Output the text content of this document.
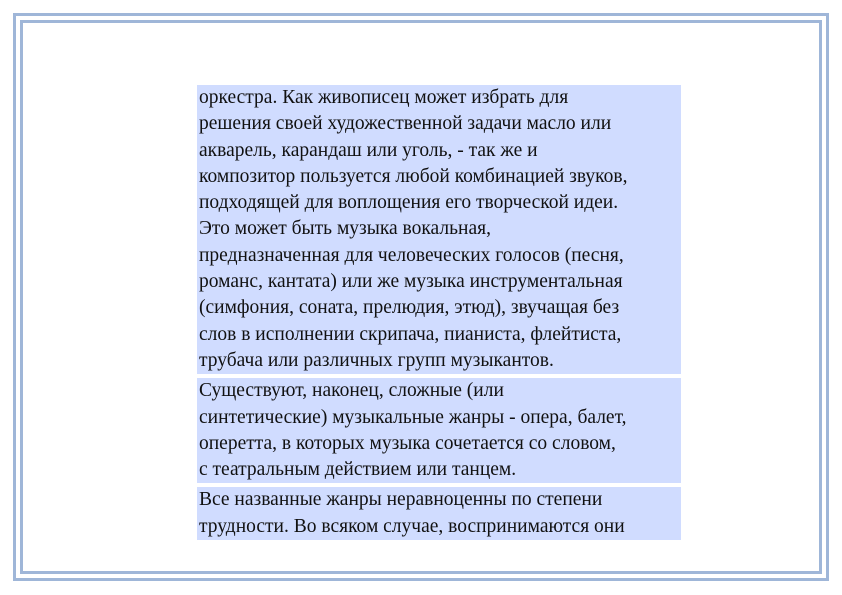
оркестра. Как живописец может избрать для
решения своей художественной задачи масло или
акварель, карандаш или уголь, - так же и
композитор пользуется любой комбинацией звуков,
подходящей для воплощения его творческой идеи.
Это может быть музыка вокальная,
предназначенная для человеческих голосов (песня,
романс, кантата) или же музыка инструментальная
(симфония, соната, прелюдия, этюд), звучащая без
слов в исполнении скрипача, пианиста, флейтиста,
трубача или различных групп музыкантов.
Существуют, наконец, сложные (или
синтетические) музыкальные жанры - опера, балет,
оперетта, в которых музыка сочетается со словом,
с театральным действием или танцем.
Все названные жанры неравноценны по степени
трудности. Во всяком случае, воспринимаются они
